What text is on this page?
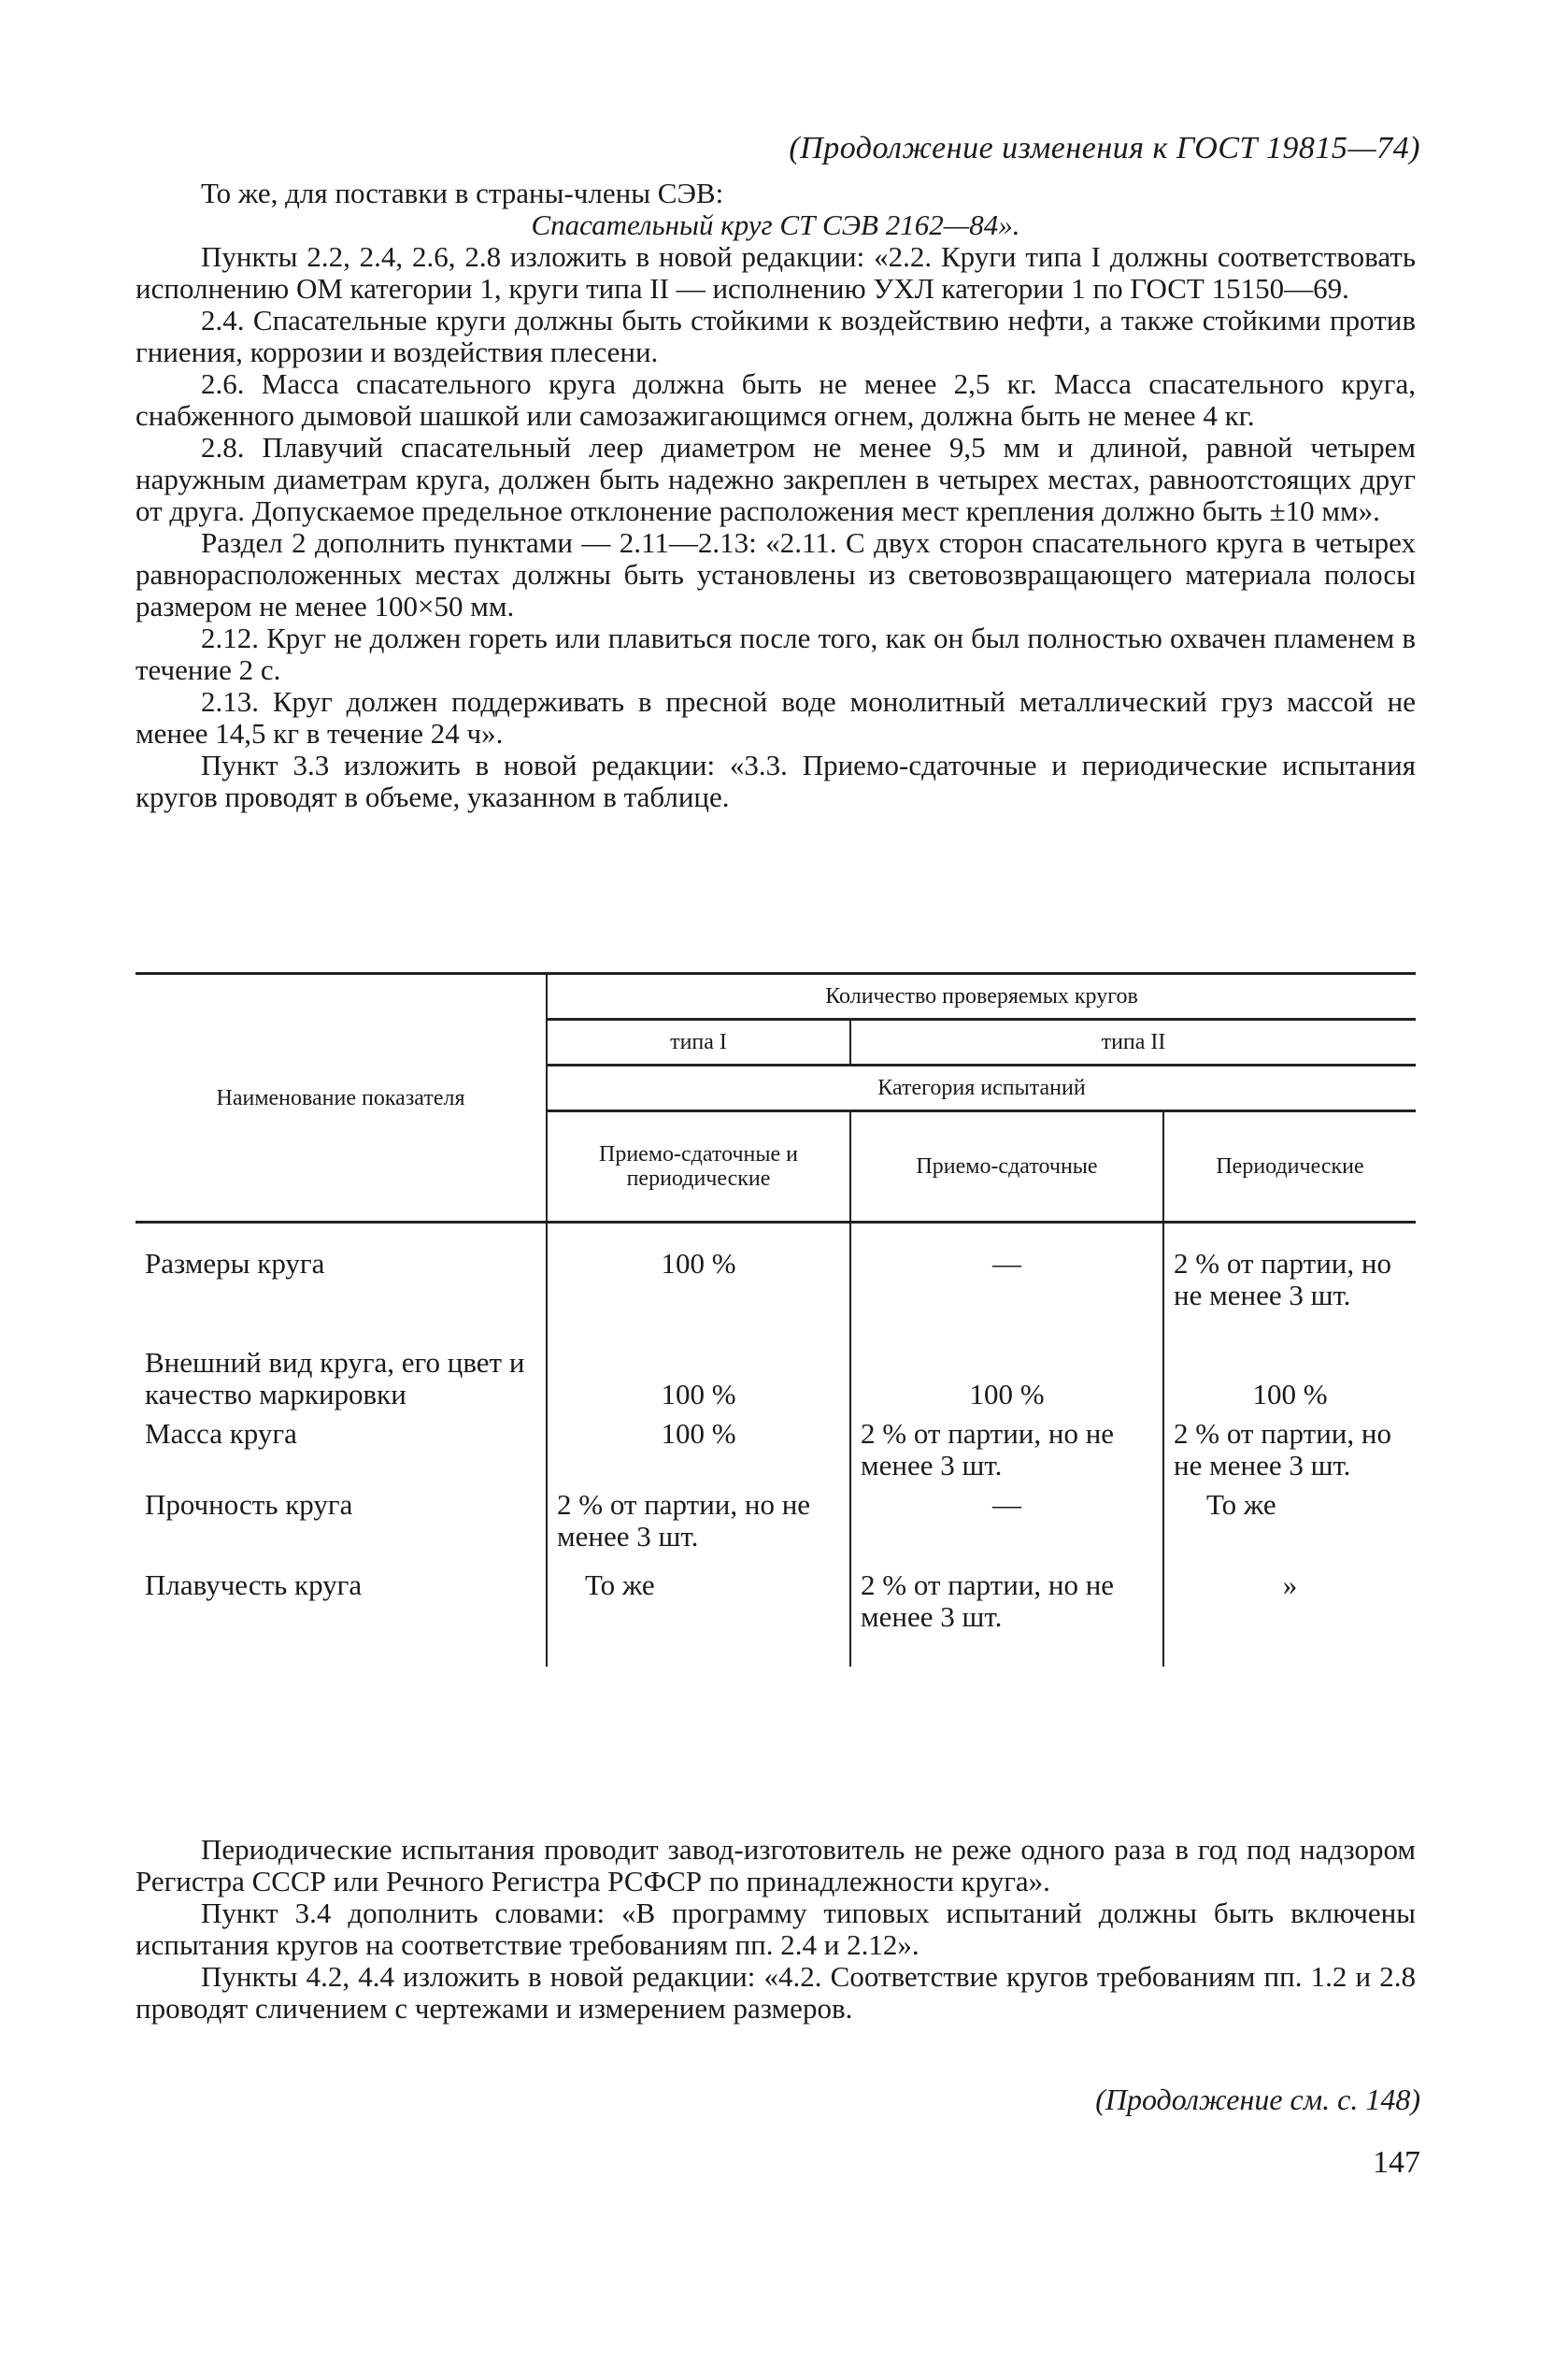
(Продолжение изменения к ГОСТ 19815—74)

То же, для поставки в страны-члены СЭВ:

Спасательный круг СТ СЭВ 2162—84».

Пункты 2.2, 2.4, 2.6, 2.8 изложить в новой редакции: «2.2. Круги типа I должны соответствовать исполнению ОМ категории 1, круги типа II — исполнению УХЛ категории 1 по ГОСТ 15150—69.

2.4. Спасательные круги должны быть стойкими к воздействию нефти, а также стойкими против гниения, коррозии и воздействия плесени.

2.6. Масса спасательного круга должна быть не менее 2,5 кг. Масса спасательного круга, снабженного дымовой шашкой или самозажигающимся огнем, должна быть не менее 4 кг.

2.8. Плавучий спасательный леер диаметром не менее 9,5 мм и длиной, равной четырем наружным диаметрам круга, должен быть надежно закреплен в четырех местах, равноотстоящих друг от друга. Допускаемое предельное отклонение расположения мест крепления должно быть ±10 мм».

Раздел 2 дополнить пунктами — 2.11—2.13: «2.11. С двух сторон спасательного круга в четырех равнорасположенных местах должны быть установлены из световозвращающего материала полосы размером не менее 100×50 мм.

2.12. Круг не должен гореть или плавиться после того, как он был полностью охвачен пламенем в течение 2 с.

2.13. Круг должен поддерживать в пресной воде монолитный металлический груз массой не менее 14,5 кг в течение 24 ч».

Пункт 3.3 изложить в новой редакции: «3.3. Приемо-сдаточные и периодические испытания кругов проводят в объеме, указанном в таблице.

Наименование показателя	Количество проверяемых кругов		
	типа I	типа II	
	Категория испытаний		
	Приемо-сдаточные и периодические	Приемо-сдаточные	Периодические
Размеры круга	100 %	—	2 % от партии, но не менее 3 шт.
Внешний вид круга, его цвет и качество маркировки	100 %	100 %	100 %
Масса круга	100 %	2 % от партии, но не менее 3 шт.	2 % от партии, но не менее 3 шт.
Прочность круга	2 % от партии, но не менее 3 шт.	—	То же
Плавучесть круга	То же	2 % от партии, но не менее 3 шт.	»

Периодические испытания проводит завод-изготовитель не реже одного раза в год под надзором Регистра СССР или Речного Регистра РСФСР по принадлежности круга».

Пункт 3.4 дополнить словами: «В программу типовых испытаний должны быть включены испытания кругов на соответствие требованиям пп. 2.4 и 2.12».

Пункты 4.2, 4.4 изложить в новой редакции: «4.2. Соответствие кругов требованиям пп. 1.2 и 2.8 проводят сличением с чертежами и измерением размеров.

(Продолжение см. с. 148)
147
